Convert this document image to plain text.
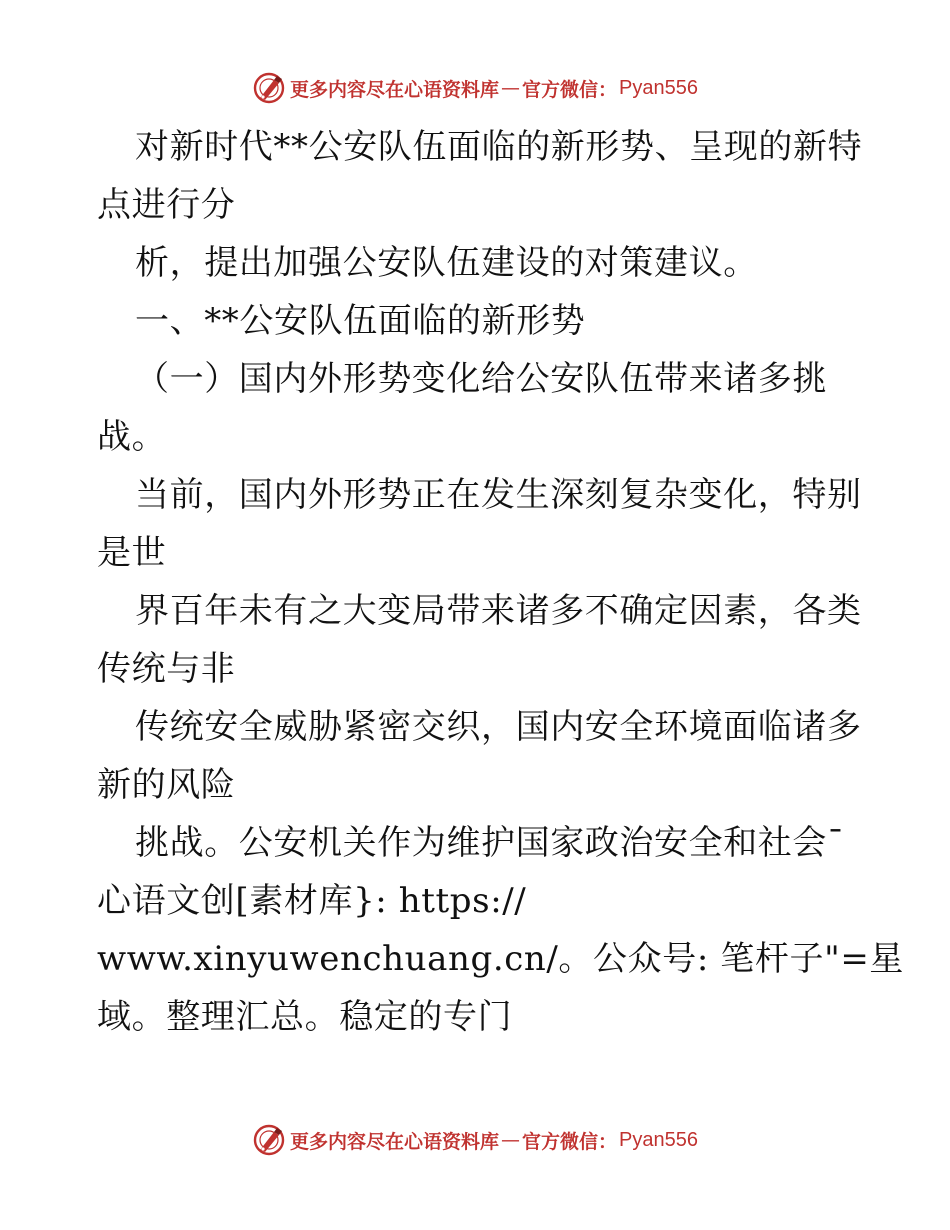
更多内容尽在心语资料库 — 官方微信： Pyan556
对新时代**公安队伍面临的新形势、呈现的新特
点进行分
析，提出加强公安队伍建设的对策建议。
一、**公安队伍面临的新形势
（一）国内外形势变化给公安队伍带来诸多挑
战。
当前，国内外形势正在发生深刻复杂变化，特别
是世
界百年未有之大变局带来诸多不确定因素，各类
传统与非
传统安全威胁紧密交织，国内安全环境面临诸多
新的风险
挑战。公安机关作为维护国家政治安全和社会¯
心语文创[素材库}: https://
www.xinyuwenchuang.cn/。公众号: 笔杆子"=星
域。整理汇总。稳定的专门
更多内容尽在心语资料库 — 官方微信： Pyan556
